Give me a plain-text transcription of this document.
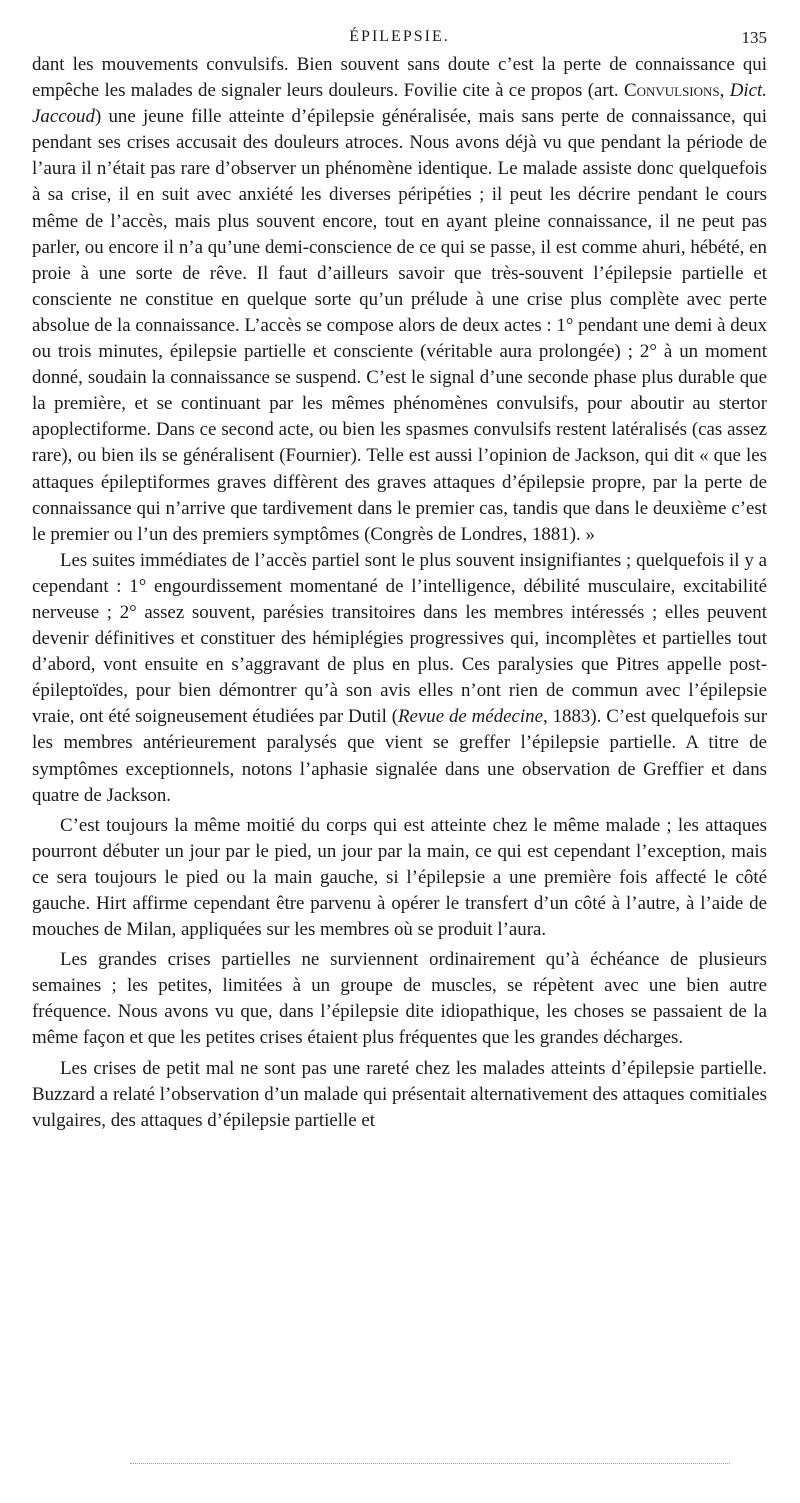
ÉPILEPSIE.	135

dant les mouvements convulsifs. Bien souvent sans doute c’est la perte de connaissance qui empêche les malades de signaler leurs douleurs. Fovilie cite à ce propos (art. Convulsions, Dict. Jaccoud) une jeune fille atteinte d’épilepsie généralisée, mais sans perte de connaissance, qui pendant ses crises accusait des douleurs atroces. Nous avons déjà vu que pendant la période de l’aura il n’était pas rare d’observer un phénomène identique. Le malade assiste donc quelquefois à sa crise, il en suit avec anxiété les diverses péripéties ; il peut les décrire pendant le cours même de l’accès, mais plus souvent encore, tout en ayant pleine connaissance, il ne peut pas parler, ou encore il n’a qu’une demi-conscience de ce qui se passe, il est comme ahuri, hébété, en proie à une sorte de rêve. Il faut d’ailleurs savoir que très-souvent l’épilepsie partielle et consciente ne constitue en quelque sorte qu’un prélude à une crise plus complète avec perte absolue de la connaissance. L’accès se compose alors de deux actes : 1° pendant une demi à deux ou trois minutes, épilepsie partielle et consciente (véritable aura prolongée) ; 2° à un moment donné, soudain la connaissance se suspend. C’est le signal d’une seconde phase plus durable que la première, et se continuant par les mêmes phénomènes convulsifs, pour aboutir au stertor apoplectiforme. Dans ce second acte, ou bien les spasmes convulsifs restent latéralisés (cas assez rare), ou bien ils se généralisent (Fournier). Telle est aussi l’opinion de Jackson, qui dit « que les attaques épileptiformes graves diffèrent des graves attaques d’épilepsie propre, par la perte de connaissance qui n’arrive que tardivement dans le premier cas, tandis que dans le deuxième c’est le premier ou l’un des premiers symptômes (Congrès de Londres, 1881). »

Les suites immédiates de l’accès partiel sont le plus souvent insignifiantes ; quelquefois il y a cependant : 1° engourdissement momentané de l’intelligence, débilité musculaire, excitabilité nerveuse ; 2° assez souvent, parésies transitoires dans les membres intéressés ; elles peuvent devenir définitives et constituer des hémiplégies progressives qui, incomplètes et partielles tout d’abord, vont ensuite en s’aggravant de plus en plus. Ces paralysies que Pitres appelle post-épileptoïdes, pour bien démontrer qu’à son avis elles n’ont rien de commun avec l’épilepsie vraie, ont été soigneusement étudiées par Dutil (Revue de médecine, 1883). C’est quelquefois sur les membres antérieurement paralysés que vient se greffer l’épilepsie partielle. A titre de symptômes exceptionnels, notons l’aphasie signalée dans une observation de Greffier et dans quatre de Jackson.

C’est toujours la même moitié du corps qui est atteinte chez le même malade ; les attaques pourront débuter un jour par le pied, un jour par la main, ce qui est cependant l’exception, mais ce sera toujours le pied ou la main gauche, si l’épilepsie a une première fois affecté le côté gauche. Hirt affirme cependant être parvenu à opérer le transfert d’un côté à l’autre, à l’aide de mouches de Milan, appliquées sur les membres où se produit l’aura.

Les grandes crises partielles ne surviennent ordinairement qu’à échéance de plusieurs semaines ; les petites, limitées à un groupe de muscles, se répètent avec une bien autre fréquence. Nous avons vu que, dans l’épilepsie dite idiopathique, les choses se passaient de la même façon et que les petites crises étaient plus fréquentes que les grandes décharges.

Les crises de petit mal ne sont pas une rareté chez les malades atteints d’épilepsie partielle. Buzzard a relaté l’observation d’un malade qui présentait alternativement des attaques comitiales vulgaires, des attaques d’épilepsie partielle et
